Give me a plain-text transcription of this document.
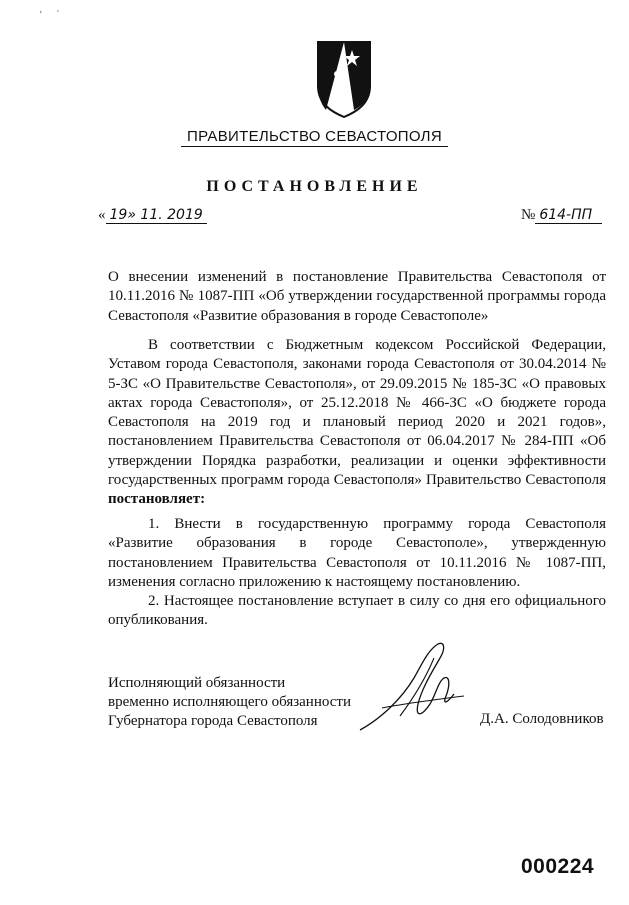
' ˋ
ПРАВИТЕЛЬСТВО СЕВАСТОПОЛЯ
ПОСТАНОВЛЕНИЕ
« 19» 11. 2019	№ 614-ПП
О внесении изменений в постановление Правительства Севастополя от 10.11.2016 № 1087-ПП «Об утверждении государственной программы города Севастополя «Развитие образования в городе Севастополе»
В соответствии с Бюджетным кодексом Российской Федерации, Уставом города Севастополя, законами города Севастополя от 30.04.2014 № 5-ЗС «О Правительстве Севастополя», от 29.09.2015 № 185-ЗС «О правовых актах города Севастополя», от 25.12.2018 № 466-ЗС «О бюджете города Севастополя на 2019 год и плановый период 2020 и 2021 годов», постановлением Правительства Севастополя от 06.04.2017 № 284-ПП «Об утверждении Порядка разработки, реализации и оценки эффективности государственных программ города Севастополя» Правительство Севастополя постановляет:

1. Внести в государственную программу города Севастополя «Развитие образования в городе Севастополе», утвержденную постановлением Правительства Севастополя от 10.11.2016 № 1087-ПП, изменения согласно приложению к настоящему постановлению.

2. Настоящее постановление вступает в силу со дня его официального опубликования.

Исполняющий обязанности
временно исполняющего обязанности
Губернатора города Севастополя	Д.А. Солодовников
000224
